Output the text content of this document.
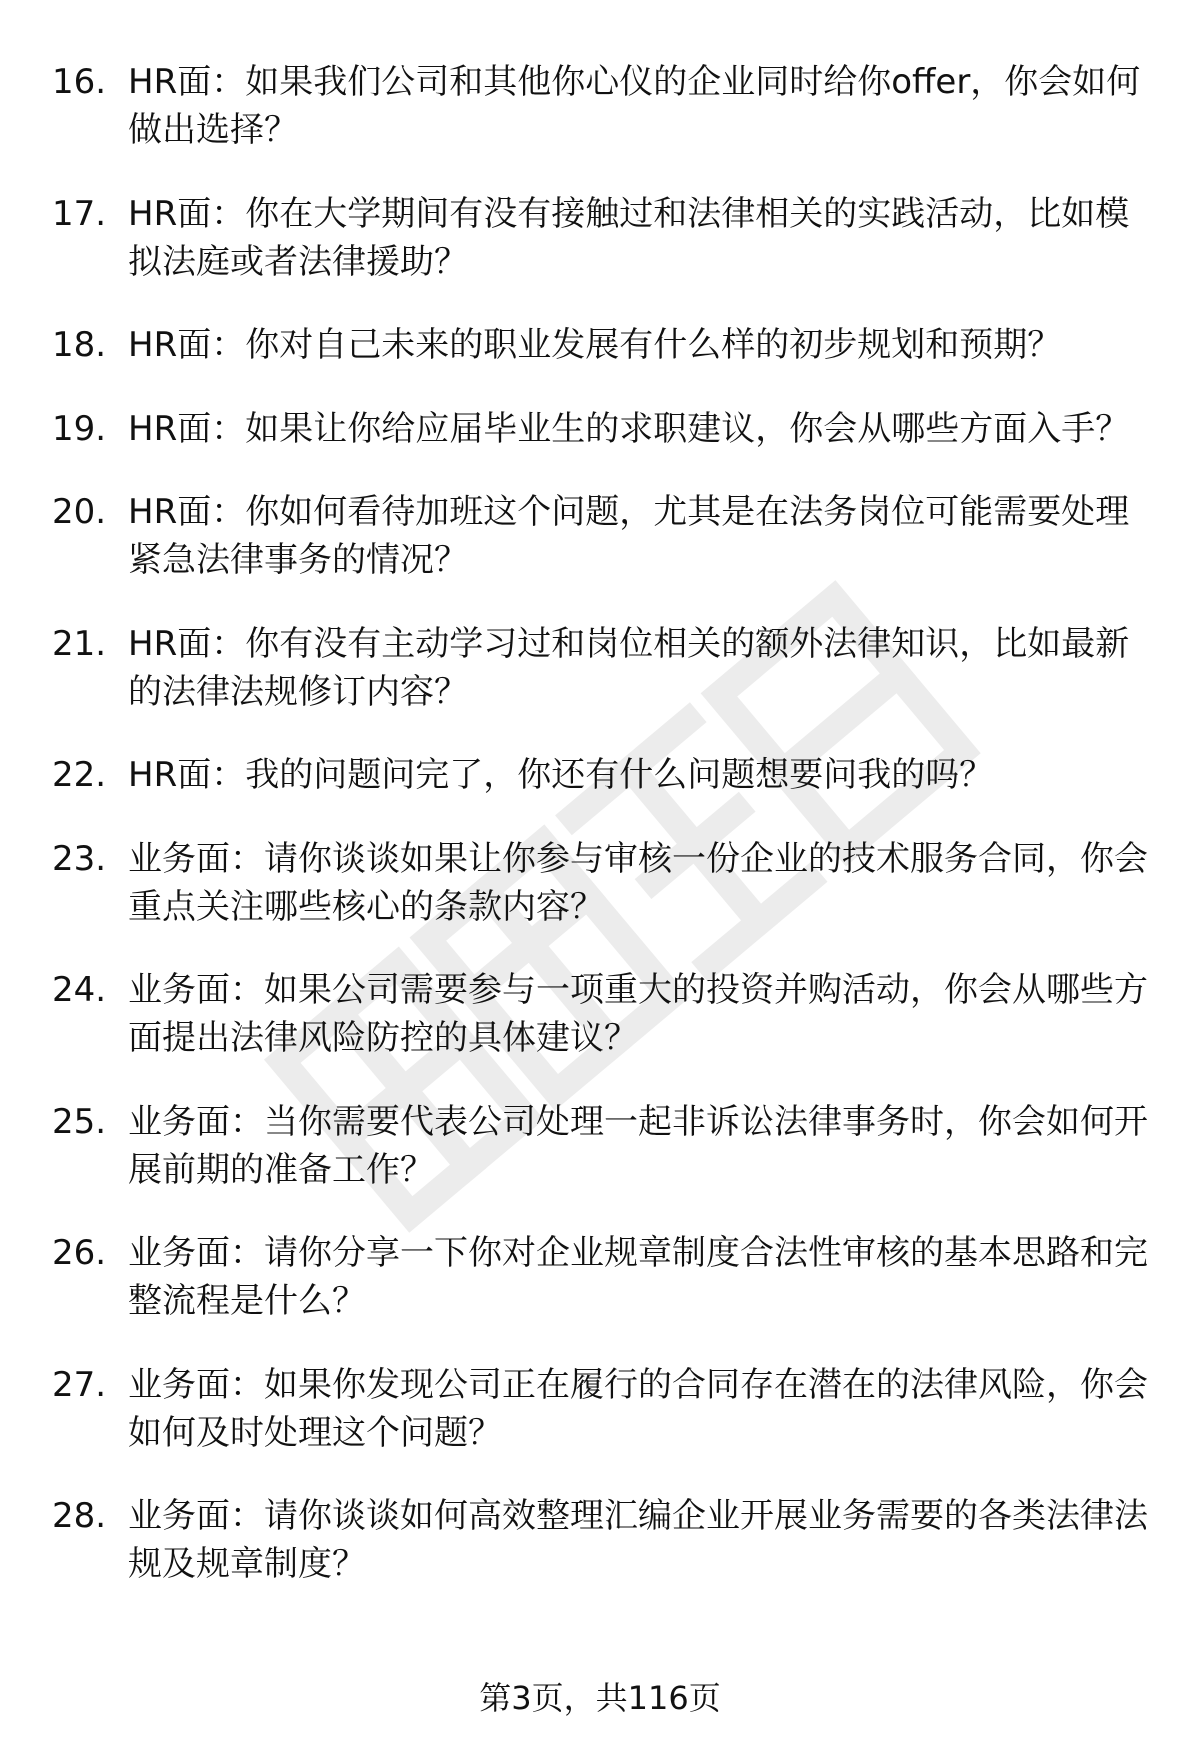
16. HR面：如果我们公司和其他你心仪的企业同时给你offer，你会如何做出选择？
17. HR面：你在大学期间有没有接触过和法律相关的实践活动，比如模拟法庭或者法律援助？
18. HR面：你对自己未来的职业发展有什么样的初步规划和预期？
19. HR面：如果让你给应届毕业生的求职建议，你会从哪些方面入手？
20. HR面：你如何看待加班这个问题，尤其是在法务岗位可能需要处理紧急法律事务的情况？
21. HR面：你有没有主动学习过和岗位相关的额外法律知识，比如最新的法律法规修订内容？
22. HR面：我的问题问完了，你还有什么问题想要问我的吗？
23. 业务面：请你谈谈如果让你参与审核一份企业的技术服务合同，你会重点关注哪些核心的条款内容？
24. 业务面：如果公司需要参与一项重大的投资并购活动，你会从哪些方面提出法律风险防控的具体建议？
25. 业务面：当你需要代表公司处理一起非诉讼法律事务时，你会如何开展前期的准备工作？
26. 业务面：请你分享一下你对企业规章制度合法性审核的基本思路和完整流程是什么？
27. 业务面：如果你发现公司正在履行的合同存在潜在的法律风险，你会如何及时处理这个问题？
28. 业务面：请你谈谈如何高效整理汇编企业开展业务需要的各类法律法规及规章制度？
第3页，共116页
